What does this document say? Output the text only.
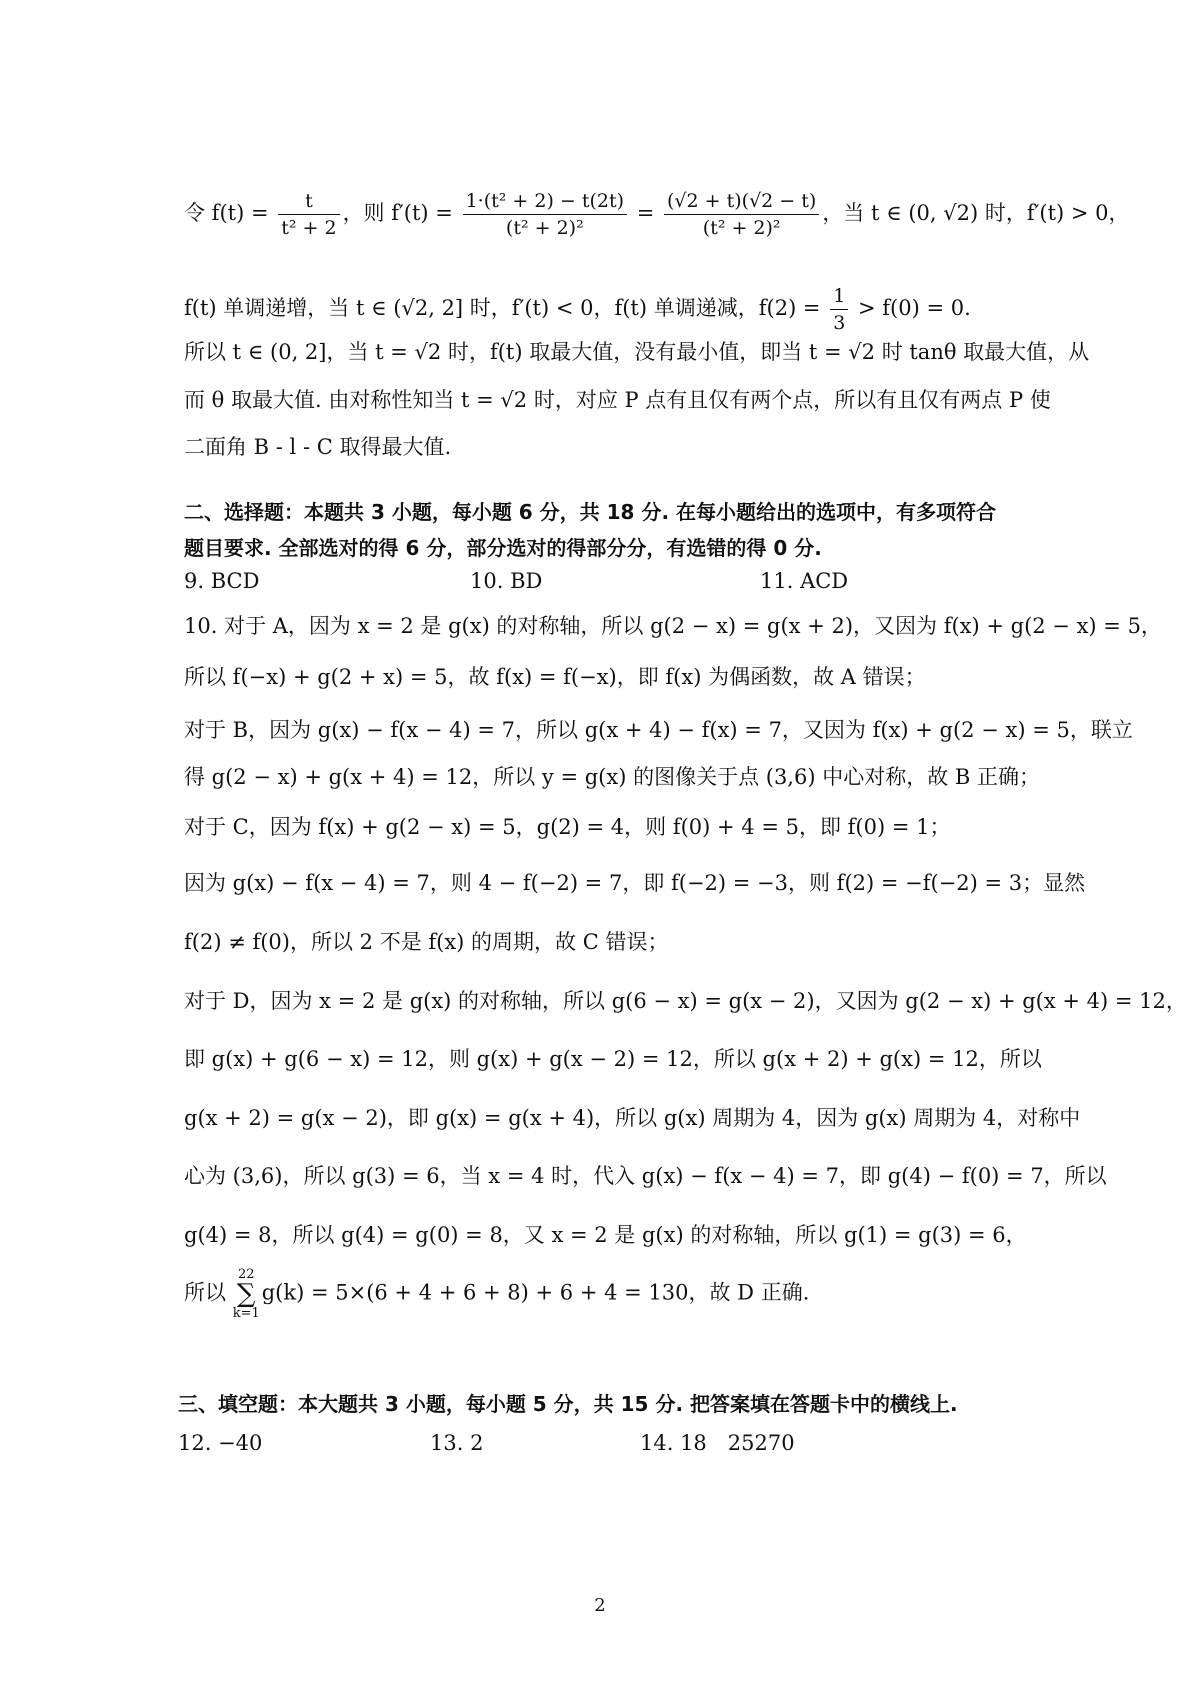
令 $f(t) = \frac{t}{\text{t² + 2}}$ ，则 $f'(t) = \frac{\text{1·(t² + 2) − t(2t)}}{\text{(t² + 2)²}} = \frac{(√2 + t)(√2 - t)}{\text{(t² + 2)²}}$ ，当 t ∈ (0, √2) 时，f′(t) > 0，
f(t) 单调递增，当 t ∈ (√2, 2] 时，f′(t) < 0，f(t) 单调递减，$f(2) = \frac{1}{3} > f(0) = 0$.
所以 t ∈ (0, 2]，当 t = √2 时，f(t) 取最大值，没有最小值，即当 t = √2 时 tanθ 取最大值，从
而 θ 取最大值. 由对称性知当 t = √2 时，对应 P 点有且仅有两个点，所以有且仅有两点 P 使
二面角 B - l - C 取得最大值.
二、选择题：本题共 3 小题，每小题 6 分，共 18 分. 在每小题给出的选项中，有多项符合
题目要求. 全部选对的得 6 分，部分选对的得部分分，有选错的得 0 分.
9. BCD	10. BD	11. ACD
10. 对于 A，因为 x = 2 是 g(x) 的对称轴，所以 g(2 − x) = g(x + 2)，又因为 f(x) + g(2 − x) = 5，
所以 f(−x) + g(2 + x) = 5，故 f(x) = f(−x)，即 f(x) 为偶函数，故 A 错误；
对于 B，因为 g(x) − f(x − 4) = 7，所以 g(x + 4) − f(x) = 7，又因为 f(x) + g(2 − x) = 5，联立
得 g(2 − x) + g(x + 4) = 12，所以 y = g(x) 的图像关于点 (3,6) 中心对称，故 B 正确；
对于 C，因为 f(x) + g(2 − x) = 5，g(2) = 4，则 f(0) + 4 = 5，即 f(0) = 1；
因为 g(x) − f(x − 4) = 7，则 4 − f(−2) = 7，即 f(−2) = −3，则 f(2) = −f(−2) = 3；显然
f(2) ≠ f(0)，所以 2 不是 f(x) 的周期，故 C 错误；
对于 D，因为 x = 2 是 g(x) 的对称轴，所以 g(6 − x) = g(x − 2)，又因为 g(2 − x) + g(x + 4) = 12，
即 g(x) + g(6 − x) = 12，则 g(x) + g(x − 2) = 12，所以 g(x + 2) + g(x) = 12，所以
g(x + 2) = g(x − 2)，即 g(x) = g(x + 4)，所以 g(x) 周期为 4，因为 g(x) 周期为 4，对称中
心为 (3,6)，所以 g(3) = 6，当 x = 4 时，代入 g(x) − f(x − 4) = 7，即 g(4) − f(0) = 7，所以
g(4) = 8，所以 g(4) = g(0) = 8，又 x = 2 是 g(x) 的对称轴，所以 g(1) = g(3) = 6，
所以
22
∑
k=1
g(k) = 5×(6 + 4 + 6 + 8) + 6 + 4 = 130，故 D 正确.
三、填空题：本大题共 3 小题，每小题 5 分，共 15 分. 把答案填在答题卡中的横线上.
12. −40	13. 2	14. 18　25270
2
